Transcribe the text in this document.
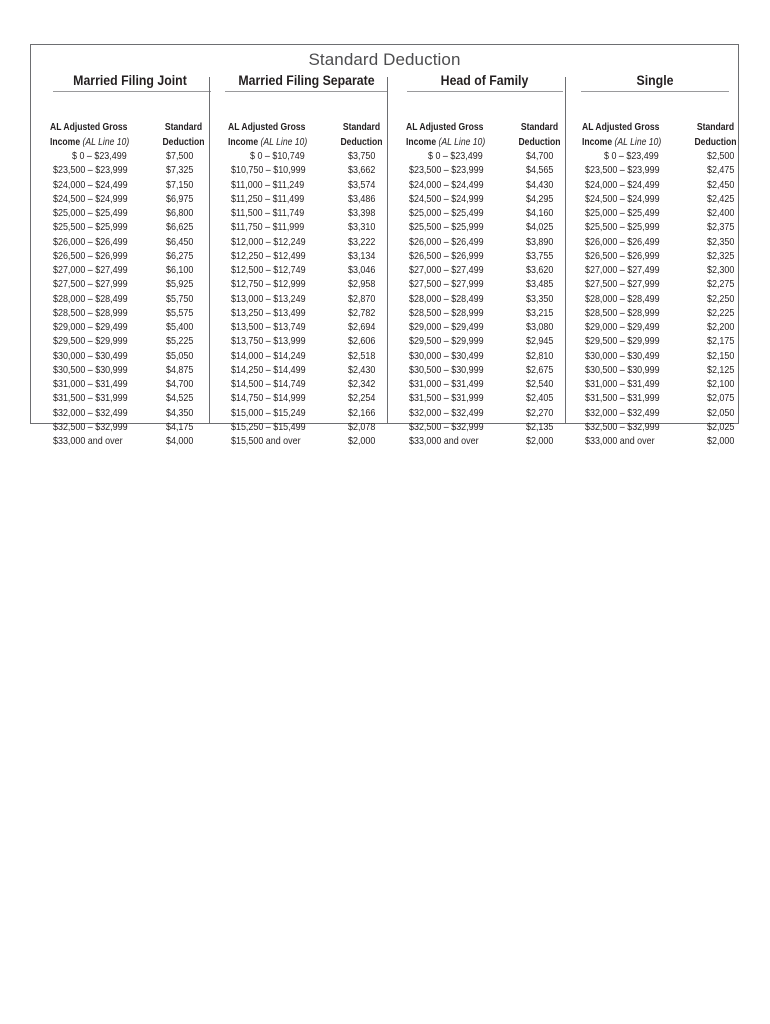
Standard Deduction
Married Filing Joint
AL Adjusted Gross
Income (AL Line 10)
Standard
Deduction
$ 0 – $23,499	$7,500
$23,500 – $23,999	$7,325
$24,000 – $24,499	$7,150
$24,500 – $24,999	$6,975
$25,000 – $25,499	$6,800
$25,500 – $25,999	$6,625
$26,000 – $26,499	$6,450
$26,500 – $26,999	$6,275
$27,000 – $27,499	$6,100
$27,500 – $27,999	$5,925
$28,000 – $28,499	$5,750
$28,500 – $28,999	$5,575
$29,000 – $29,499	$5,400
$29,500 – $29,999	$5,225
$30,000 – $30,499	$5,050
$30,500 – $30,999	$4,875
$31,000 – $31,499	$4,700
$31,500 – $31,999	$4,525
$32,000 – $32,499	$4,350
$32,500 – $32,999	$4,175
$33,000 and over	$4,000
Married Filing Separate
AL Adjusted Gross
Income (AL Line 10)
Standard
Deduction
$ 0 – $10,749	$3,750
$10,750 – $10,999	$3,662
$11,000 – $11,249	$3,574
$11,250 – $11,499	$3,486
$11,500 – $11,749	$3,398
$11,750 – $11,999	$3,310
$12,000 – $12,249	$3,222
$12,250 – $12,499	$3,134
$12,500 – $12,749	$3,046
$12,750 – $12,999	$2,958
$13,000 – $13,249	$2,870
$13,250 – $13,499	$2,782
$13,500 – $13,749	$2,694
$13,750 – $13,999	$2,606
$14,000 – $14,249	$2,518
$14,250 – $14,499	$2,430
$14,500 – $14,749	$2,342
$14,750 – $14,999	$2,254
$15,000 – $15,249	$2,166
$15,250 – $15,499	$2,078
$15,500 and over	$2,000
Head of Family
AL Adjusted Gross
Income (AL Line 10)
Standard
Deduction
$ 0 – $23,499	$4,700
$23,500 – $23,999	$4,565
$24,000 – $24,499	$4,430
$24,500 – $24,999	$4,295
$25,000 – $25,499	$4,160
$25,500 – $25,999	$4,025
$26,000 – $26,499	$3,890
$26,500 – $26,999	$3,755
$27,000 – $27,499	$3,620
$27,500 – $27,999	$3,485
$28,000 – $28,499	$3,350
$28,500 – $28,999	$3,215
$29,000 – $29,499	$3,080
$29,500 – $29,999	$2,945
$30,000 – $30,499	$2,810
$30,500 – $30,999	$2,675
$31,000 – $31,499	$2,540
$31,500 – $31,999	$2,405
$32,000 – $32,499	$2,270
$32,500 – $32,999	$2,135
$33,000 and over	$2,000
Single
AL Adjusted Gross
Income (AL Line 10)
Standard
Deduction
$ 0 – $23,499	$2,500
$23,500 – $23,999	$2,475
$24,000 – $24,499	$2,450
$24,500 – $24,999	$2,425
$25,000 – $25,499	$2,400
$25,500 – $25,999	$2,375
$26,000 – $26,499	$2,350
$26,500 – $26,999	$2,325
$27,000 – $27,499	$2,300
$27,500 – $27,999	$2,275
$28,000 – $28,499	$2,250
$28,500 – $28,999	$2,225
$29,000 – $29,499	$2,200
$29,500 – $29,999	$2,175
$30,000 – $30,499	$2,150
$30,500 – $30,999	$2,125
$31,000 – $31,499	$2,100
$31,500 – $31,999	$2,075
$32,000 – $32,499	$2,050
$32,500 – $32,999	$2,025
$33,000 and over	$2,000
